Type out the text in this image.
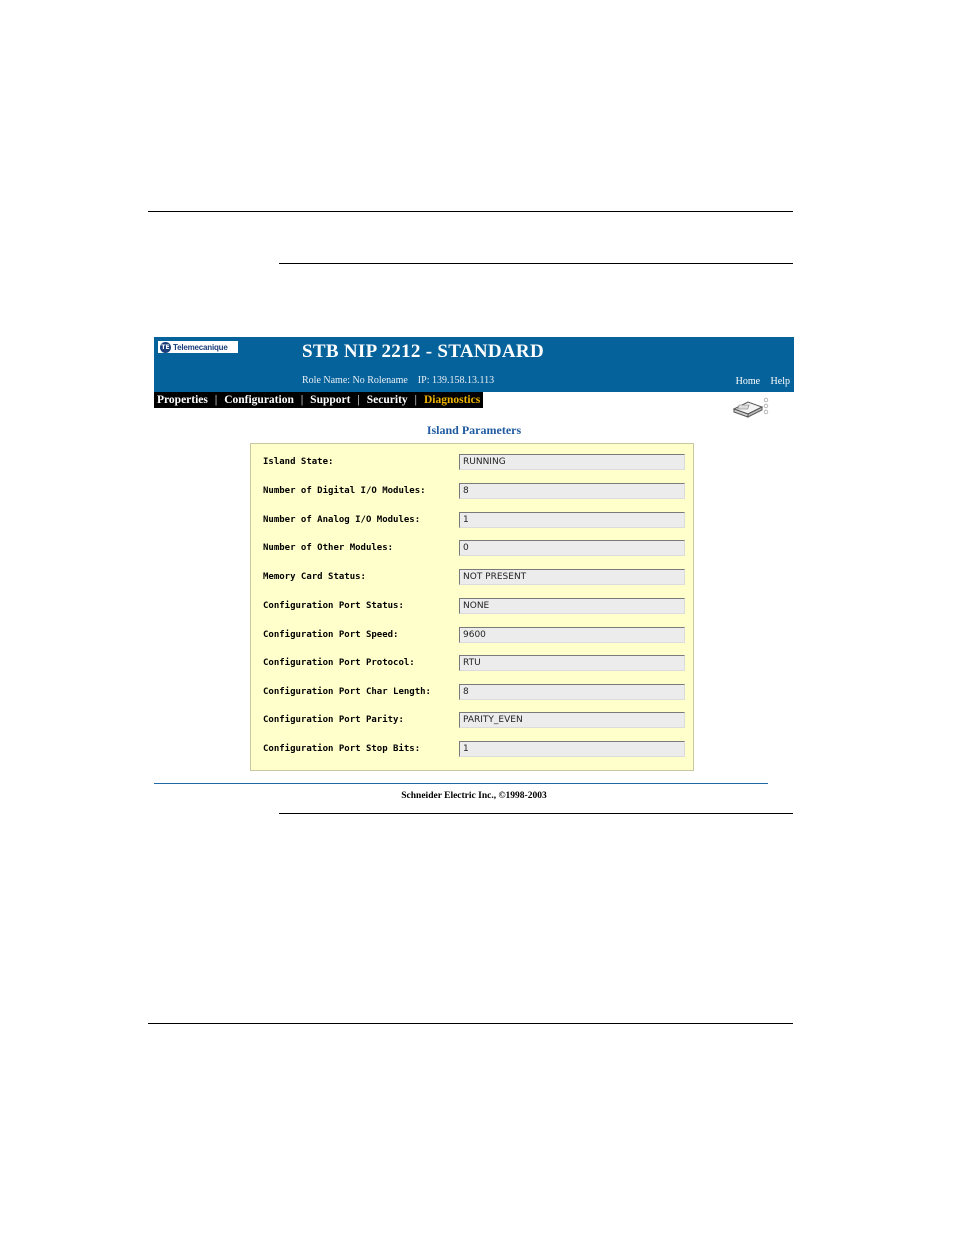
TE Telemecanique	STB NIP 2212 - STANDARD
Role Name: No Rolename    IP: 139.158.13.113	Home Help
Properties | Configuration | Support | Security | Diagnostics
Island Parameters
Island State:	RUNNING
Number of Digital I/O Modules:	8
Number of Analog I/O Modules:	1
Number of Other Modules:	0
Memory Card Status:	NOT PRESENT
Configuration Port Status:	NONE
Configuration Port Speed:	9600
Configuration Port Protocol:	RTU
Configuration Port Char Length:	8
Configuration Port Parity:	PARITY_EVEN
Configuration Port Stop Bits:	1
Schneider Electric Inc., ©1998-2003
